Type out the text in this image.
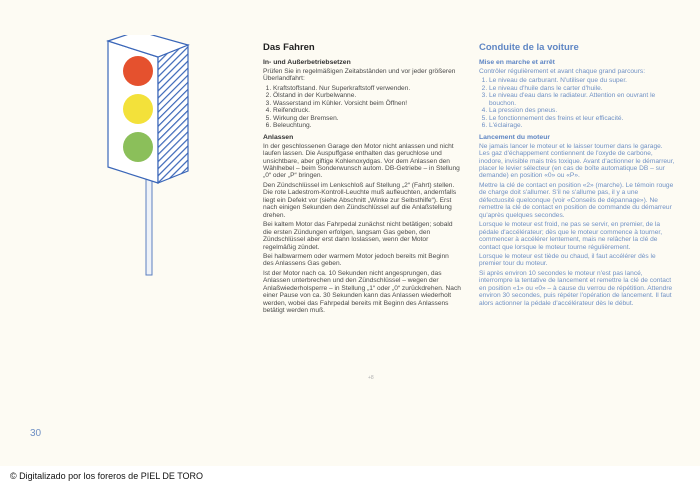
Das Fahren
In- und Außerbetriebsetzen

Prüfen Sie in regelmäßigen Zeitabständen und vor jeder größeren Überlandfahrt:

1. Kraftstoffstand. Nur Superkraftstoff verwenden.
2. Ölstand in der Kurbelwanne.
3. Wasserstand im Kühler. Vorsicht beim Öffnen!
4. Reifendruck.
5. Wirkung der Bremsen.
6. Beleuchtung.
Anlassen

In der geschlossenen Garage den Motor nicht anlassen und nicht laufen lassen. Die Auspuffgase enthalten das geruchlose und unsichtbare, aber giftige Kohlenoxydgas. Vor dem Anlassen den Wählhebel – beim Sonderwunsch autom. DB-Getriebe – in Stellung „0“ oder „P“ bringen.

Den Zündschlüssel im Lenkschloß auf Stellung „2“ (Fahrt) stellen. Die rote Ladestrom-Kontroll-Leuchte muß aufleuchten, andernfalls liegt ein Defekt vor (siehe Abschnitt „Winke zur Selbsthilfe“). Erst nach einigen Sekunden den Zündschlüssel auf die Anlaßstellung drehen.

Bei kaltem Motor das Fahrpedal zunächst nicht betätigen; sobald die ersten Zündungen erfolgen, langsam Gas geben, den Zündschlüssel aber erst dann loslassen, wenn der Motor regelmäßig zündet.

Bei halbwarmem oder warmem Motor jedoch bereits mit Beginn des Anlassens Gas geben.

Ist der Motor nach ca. 10 Sekunden nicht angesprungen, das Anlassen unterbrechen und den Zündschlüssel – wegen der Anlaßwiederholsperre – in Stellung „1“ oder „0“ zurückdrehen. Nach einer Pause von ca. 30 Sekunden kann das Anlassen wiederholt werden, wobei das Fahrpedal bereits mit Beginn des Anlassens betätigt werden muß.

Conduite de la voiture
Mise en marche et arrêt

Contrôler régulièrement et avant chaque grand parcours:

1. Le niveau de carburant. N'utiliser que du super.
2. Le niveau d'huile dans le carter d'huile.
3. Le niveau d'eau dans le radiateur. Attention en ouvrant le bouchon.
4. La pression des pneus.
5. Le fonctionnement des freins et leur efficacité.
6. L'éclairage.
Lancement du moteur

Ne jamais lancer le moteur et le laisser tourner dans le garage. Les gaz d'échappement contiennent de l'oxyde de carbone, inodore, invisible mais très toxique. Avant d'actionner le démarreur, placer le levier sélecteur (en cas de boîte automatique DB – sur demande) en position «0» ou «P».

Mettre la clé de contact en position «2» (marche). Le témoin rouge de charge doit s'allumer. S'il ne s'allume pas, il y a une défectuosité quelconque (voir «Conseils de dépannage»). Ne remettre la clé de contact en position de commande du démarreur qu'après quelques secondes.

Lorsque le moteur est froid, ne pas se servir, en premier, de la pédale d'accélérateur; dès que le moteur commence à tourner, commencer à accélérer lentement, mais ne relâcher la clé de contact que lorsque le moteur tourne régulièrement.

Lorsque le moteur est tiède ou chaud, il faut accélérer dès le premier tour du moteur.

Si après environ 10 secondes le moteur n'est pas lancé, interrompre la tentative de lancement et remettre la clé de contact en position «1» ou «0» – à cause du verrou de répétition. Attendre environ 30 secondes, puis répéter l'opération de lancement. Il faut alors actionner la pédale d'accélérateur dès le début.

+8
30
© Digitalizado por los foreros de PIEL DE TORO
